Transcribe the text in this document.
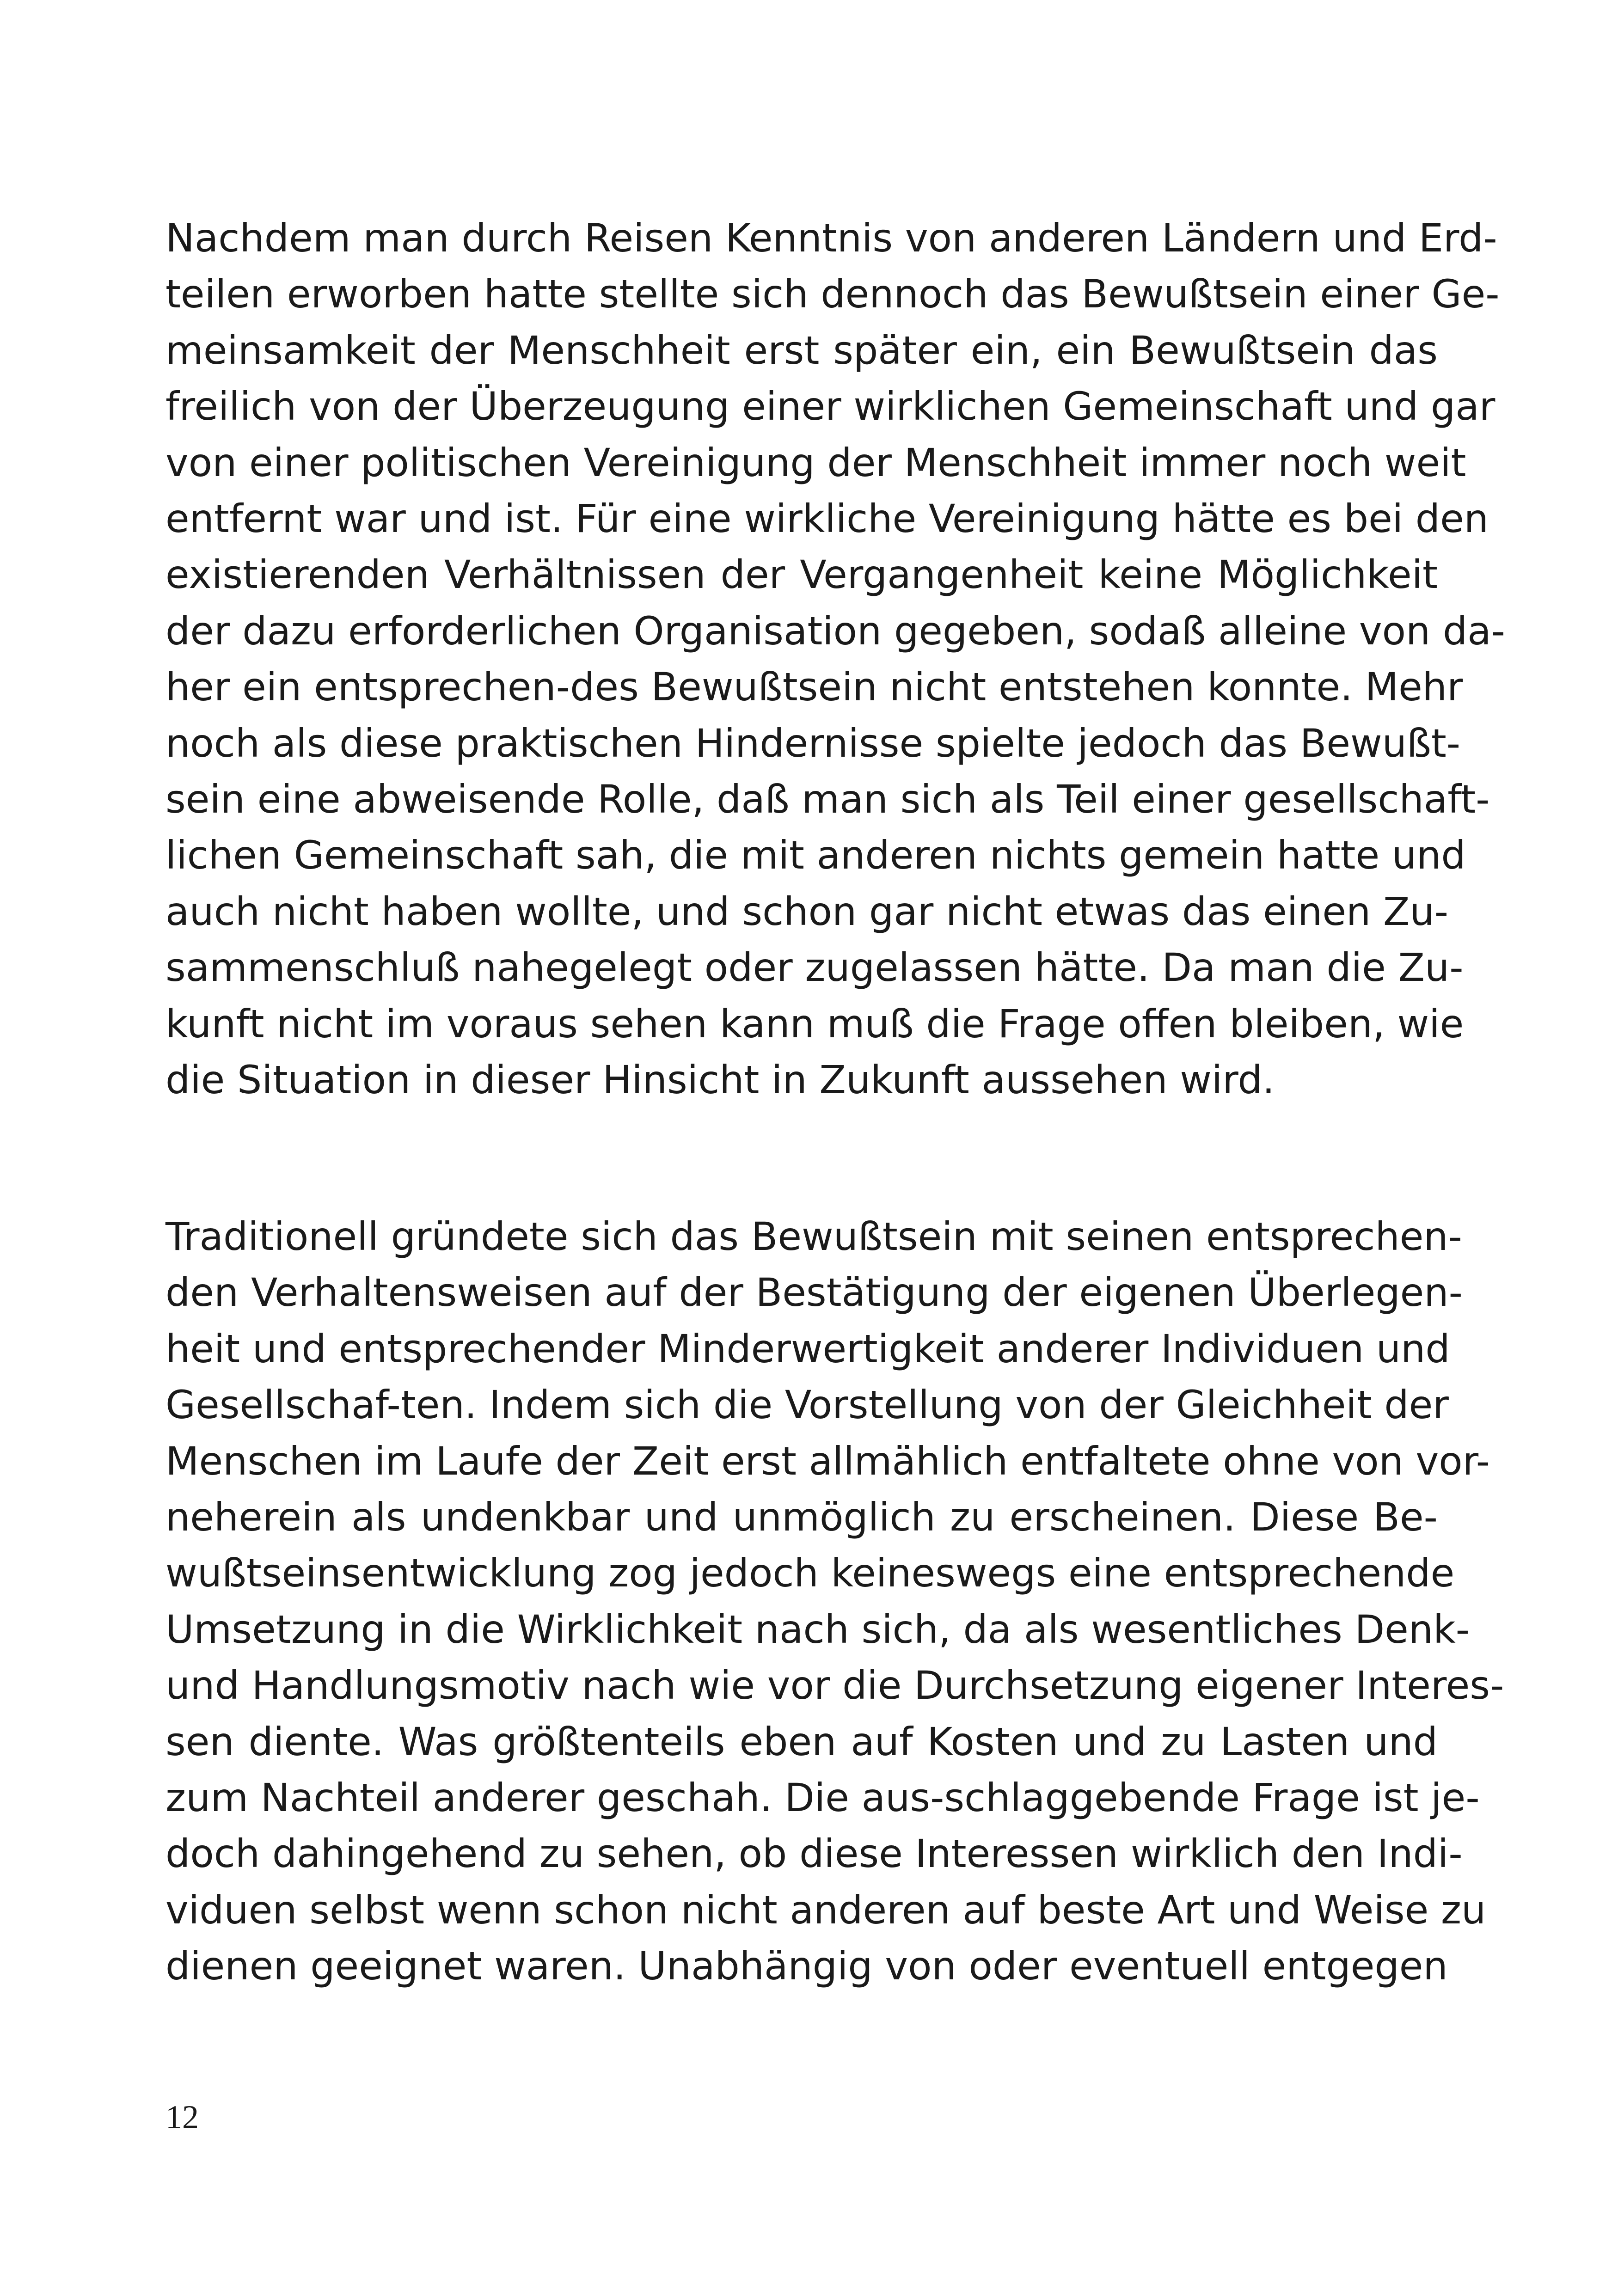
Nachdem man durch Reisen Kenntnis von anderen Ländern und Erd-
teilen erworben hatte stellte sich dennoch das Bewußtsein einer Ge-
meinsamkeit der Menschheit erst später ein, ein Bewußtsein das
freilich von der Überzeugung einer wirklichen Gemeinschaft und gar
von einer politischen Vereinigung der Menschheit immer noch weit
entfernt war und ist. Für eine wirkliche Vereinigung hätte es bei den
existierenden Verhältnissen der Vergangenheit keine Möglichkeit
der dazu erforderlichen Organisation gegeben, sodaß alleine von da-
her ein entsprechen-des Bewußtsein nicht entstehen konnte. Mehr
noch als diese praktischen Hindernisse spielte jedoch das Bewußt-
sein eine abweisende Rolle, daß man sich als Teil einer gesellschaft-
lichen Gemeinschaft sah, die mit anderen nichts gemein hatte und
auch nicht haben wollte, und schon gar nicht etwas das einen Zu-
sammenschluß nahegelegt oder zugelassen hätte. Da man die Zu-
kunft nicht im voraus sehen kann muß die Frage offen bleiben, wie
die Situation in dieser Hinsicht in Zukunft aussehen wird.
Traditionell gründete sich das Bewußtsein mit seinen entsprechen-
den Verhaltensweisen auf der Bestätigung der eigenen Überlegen-
heit und entsprechender Minderwertigkeit anderer Individuen und
Gesellschaf-ten. Indem sich die Vorstellung von der Gleichheit der
Menschen im Laufe der Zeit erst allmählich entfaltete ohne von vor-
neherein als undenkbar und unmöglich zu erscheinen. Diese Be-
wußtseinsentwicklung zog jedoch keineswegs eine entsprechende
Umsetzung in die Wirklichkeit nach sich, da als wesentliches Denk-
und Handlungsmotiv nach wie vor die Durchsetzung eigener Interes-
sen diente. Was größtenteils eben auf Kosten und zu Lasten und
zum Nachteil anderer geschah. Die aus-schlaggebende Frage ist je-
doch dahingehend zu sehen, ob diese Interessen wirklich den Indi-
viduen selbst wenn schon nicht anderen auf beste Art und Weise zu
dienen geeignet waren. Unabhängig von oder eventuell entgegen
12
